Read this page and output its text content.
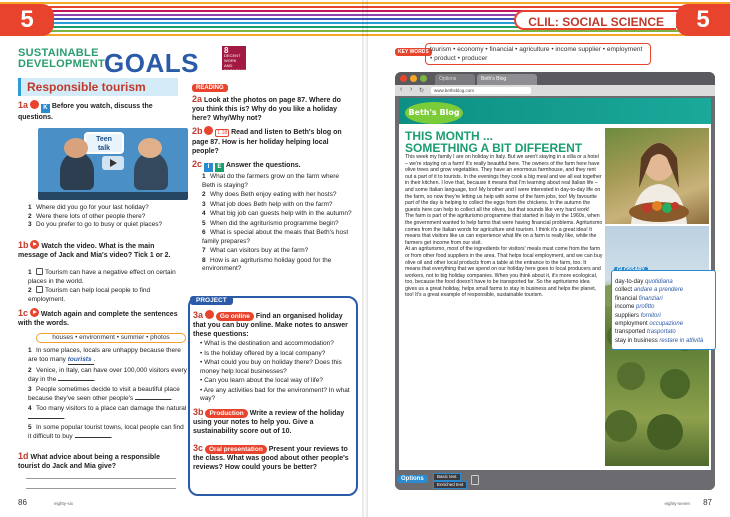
5
SUSTAINABLE
DEVELOPMENT
GOALS	8
DECENT WORK AND ECONOMIC GROWTH
Responsible tourism
1a	K Before you watch, discuss the questions.
Teen
talk
1 Where did you go for your last holiday?
2 Were there lots of other people there?
3 Do you prefer to go to busy or quiet places?
1b Watch the video. What is the main message of Jack and Mia's video? Tick 1 or 2.
1 Tourism can have a negative effect on certain places in the world.
2 Tourism can help local people to find employment.
1c Watch again and complete the sentences with the words.
houses • environment • summer • photos
1 In some places, locals are unhappy because there are too many tourists .
2 Venice, in Italy, can have over 100,000 visitors every day in the	.
3 People sometimes decide to visit a beautiful place because they've seen other people's	.
4 Too many visitors to a place can damage the natural .
5 In some popular tourist towns, local people can find it difficult to buy	.
1d What advice about being a responsible tourist do Jack and Mia give?
READING
2a Look at the photos on page 87. Where do you think this is? Why do you like a holiday here? Why/Why not?
2b	1.18 Read and listen to Beth's blog on page 87. How is her holiday helping local people?
2c I E Answer the questions.
1 What do the farmers grow on the farm where Beth is staying?
2 Why does Beth enjoy eating with her hosts?
3 What job does Beth help with on the farm?
4 What big job can guests help with in the autumn?
5 When did the agriturismo programme begin?
6 What is special about the meals that Beth's host family prepares?
7 What can visitors buy at the farm?
8 How is an agriturismo holiday good for the environment?
PROJECT
3a	Go online Find an organised holiday that you can buy online. Make notes to answer these questions:
• What is the destination and accommodation?
• Is the holiday offered by a local company?
• What could you buy on holiday there? Does this money help local businesses?
• Can you learn about the local way of life?
• Are any activities bad for the environment? In what way?
3b Production Write a review of the holiday using your notes to help you. Give a sustainability score out of 10.
3c Oral presentation Present your reviews to the class. What was good about other people's reviews? How could yours be better?
86	eighty-six
CLIL: SOCIAL SCIENCE	5
KEY WORDS tourism • economy • financial • agriculture • income supplier • employment • product • producer
Options	Beth's Blog
‹ › ↻	www.bethsblog.com
Beth's Blog
THIS MONTH ...
SOMETHING A BIT DIFFERENT

This week my family I are on holiday in Italy. But we aren't staying in a villa or a hotel – we're staying on a farm! It's really beautiful here. The owners of the farm here have olive trees and grow vegetables. They have an enormous farmhouse, and they rent out a part of it to tourists. In the evenings they cook a big meal and we all eat together in their kitchen. I love that, because it means that I'm learning about real Italian life – and some Italian language, too! My brother and I were interested in day-to-day life on the farm, so now they're letting us help with some of the farm jobs, too! My favourite part of the day is helping to collect the eggs from the chickens. In the autumn the guests here can help to collect all the olives, but that sounds like very hard work!

The farm is part of the agriturismo programme that started in Italy in the 1960s, when the government wanted to help farms that were having financial problems. Agriturismo comes from the Italian words for agriculture and tourism. I think it's a great idea! It means that visitors like us can experience what life on a farm is really like, while the farmers get income from our visit.

At an agriturismo, most of the ingredients for visitors' meals must come from the farm or from other food suppliers in the area. That helps local employment, and we can buy olive oil and other local products from a table at the entrance to the farm, too. It means that everything that we spend on our holiday here goes to local producers and workers, not to big holiday companies. When you think about it, it's more ecological, too, because the food doesn't have to be transported far. So the agriturismo idea gives us a great holiday, helps small farms to stay in business and helps the planet, too! It's a great example of responsible, sustainable tourism.

Options	Basic text
Enriched text
day-to-day quotidiana
collect andare a prendere
financial finanziari
income profitto
suppliers fornitori
employment occupazione
transported trasportato
stay in business restare in attività
eighty-seven 87
